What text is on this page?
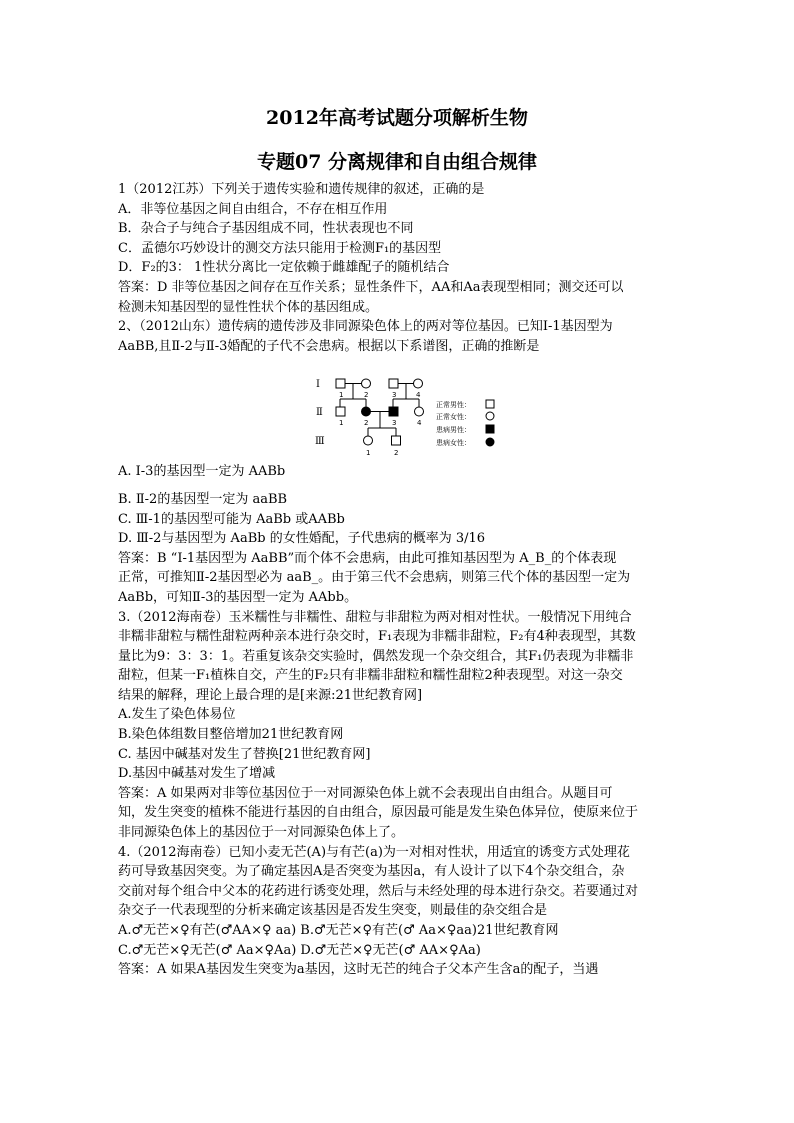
2012年高考试题分项解析生物
专题07 分离规律和自由组合规律
1（2012江苏）下列关于遗传实验和遗传规律的叙述，正确的是
A．非等位基因之间自由组合，不存在相互作用
B．杂合子与纯合子基因组成不同，性状表现也不同
C．孟德尔巧妙设计的测交方法只能用于检测F₁的基因型
D．F₂的3： 1性状分离比一定依赖于雌雄配子的随机结合
答案：D 非等位基因之间存在互作关系；显性条件下，AA和Aa表现型相同；测交还可以
检测未知基因型的显性性状个体的基因组成。
2、（2012山东）遗传病的遗传涉及非同源染色体上的两对等位基因。已知Ⅰ-1基因型为
AaBB,且Ⅱ-2与Ⅱ-3婚配的子代不会患病。根据以下系谱图，正确的推断是
A. Ⅰ-3的基因型一定为 AABb
B. Ⅱ-2的基因型一定为 aaBB
C. Ⅲ-1的基因型可能为 AaBb 或AABb
D. Ⅲ-2与基因型为 AaBb 的女性婚配，子代患病的概率为 3/16
答案：B “Ⅰ-1基因型为 AaBB”而个体不会患病，由此可推知基因型为 A_B_的个体表现
正常，可推知Ⅱ-2基因型必为 aaB_。由于第三代不会患病，则第三代个体的基因型一定为
AaBb，可知Ⅱ-3的基因型一定为 AAbb。
3.（2012海南卷）玉米糯性与非糯性、甜粒与非甜粒为两对相对性状。一般情况下用纯合
非糯非甜粒与糯性甜粒两种亲本进行杂交时，F₁表现为非糯非甜粒，F₂有4种表现型，其数
量比为9：3：3：1。若重复该杂交实验时，偶然发现一个杂交组合，其F₁仍表现为非糯非
甜粒，但某一F₁植株自交，产生的F₂只有非糯非甜粒和糯性甜粒2种表现型。对这一杂交
结果的解释，理论上最合理的是[来源:21世纪教育网]
A.发生了染色体易位
B.染色体组数目整倍增加21世纪教育网
C. 基因中碱基对发生了替换[21世纪教育网]
D.基因中碱基对发生了增减
答案：A 如果两对非等位基因位于一对同源染色体上就不会表现出自由组合。从题目可
知，发生突变的植株不能进行基因的自由组合，原因最可能是发生染色体异位，使原来位于
非同源染色体上的基因位于一对同源染色体上了。
4.（2012海南卷）已知小麦无芒(A)与有芒(a)为一对相对性状，用适宜的诱变方式处理花
药可导致基因突变。为了确定基因A是否突变为基因a，有人设计了以下4个杂交组合，杂
交前对每个组合中父本的花药进行诱变处理，然后与未经处理的母本进行杂交。若要通过对
杂交子一代表现型的分析来确定该基因是否发生突变，则最佳的杂交组合是
A.♂无芒×♀有芒(♂AA×♀ aa) B.♂无芒×♀有芒(♂ Aa×♀aa)21世纪教育网
C.♂无芒×♀无芒(♂ Aa×♀Aa) D.♂无芒×♀无芒(♂ AA×♀Aa)
答案：A 如果A基因发生突变为a基因，这时无芒的纯合子父本产生含a的配子，当遇
Ⅰ
Ⅱ
Ⅲ
1	2	3	4
1	2	3	4
1	2
正常男性：
正常女性：
患病男性：
患病女性：
